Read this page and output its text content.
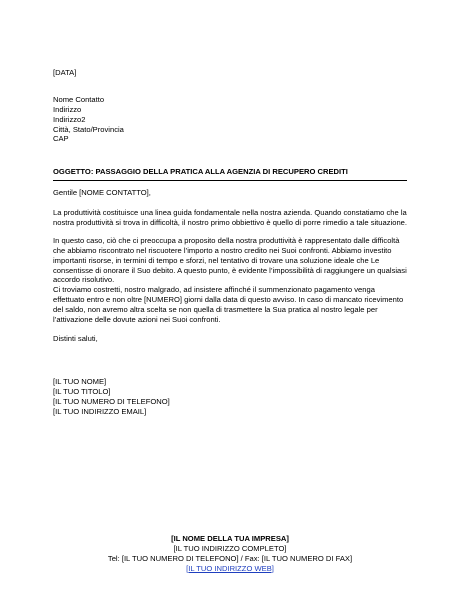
[DATA]
Nome Contatto
Indirizzo
Indirizzo2
Città, Stato/Provincia
CAP
OGGETTO: PASSAGGIO DELLA PRATICA ALLA AGENZIA DI RECUPERO CREDITI
Gentile [NOME CONTATTO],
La produttività costituisce una linea guida fondamentale nella nostra azienda. Quando constatiamo che la nostra produttività si trova in difficoltà, il nostro primo obbiettivo è quello di porre rimedio a tale situazione.
In questo caso, ciò che ci preoccupa a proposito della nostra produttività è rappresentato dalle difficoltà che abbiamo riscontrato nel riscuotere l’importo a nostro credito nei Suoi confronti. Abbiamo investito importanti risorse, in termini di tempo e sforzi, nel tentativo di trovare una soluzione ideale che Le consentisse di onorare il Suo debito. A questo punto, è evidente l’impossibilità di raggiungere un qualsiasi accordo risolutivo.
Ci troviamo costretti, nostro malgrado, ad insistere affinché il summenzionato pagamento venga effettuato entro e non oltre [NUMERO] giorni dalla data di questo avviso. In caso di mancato ricevimento del saldo, non avremo altra scelta se non quella di trasmettere la Sua pratica al nostro legale per l’attivazione delle dovute azioni nei Suoi confronti.
Distinti saluti,
[IL TUO NOME]
[IL TUO TITOLO]
[IL TUO NUMERO DI TELEFONO]
[IL TUO INDIRIZZO EMAIL]
[IL NOME DELLA TUA IMPRESA]
[IL TUO INDIRIZZO COMPLETO]
Tel: [IL TUO NUMERO DI TELEFONO] / Fax: [IL TUO NUMERO DI FAX]
[IL TUO INDIRIZZO WEB]
